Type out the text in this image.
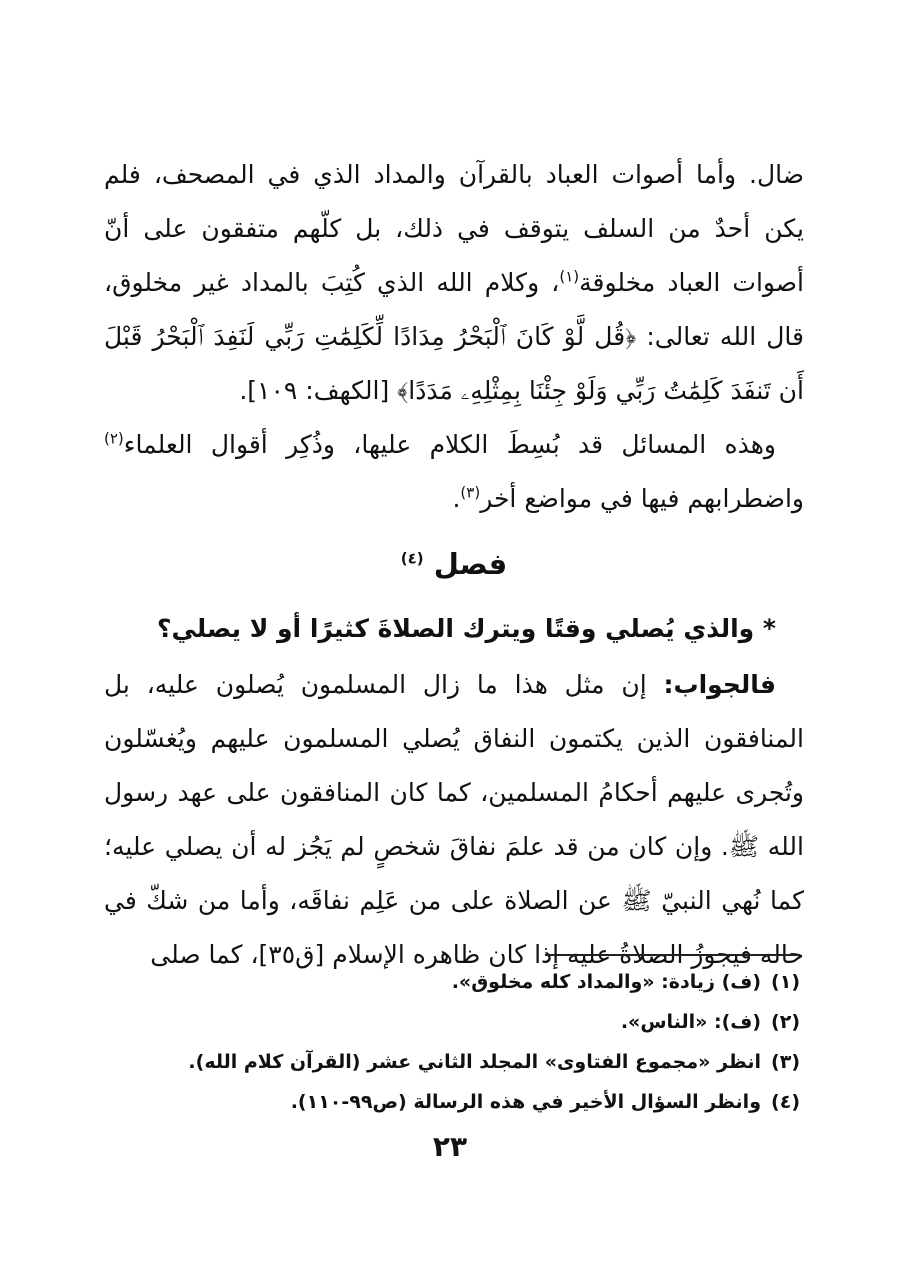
ضال. وأما أصوات العباد بالقرآن والمداد الذي في المصحف، فلم يكن أحدٌ من السلف يتوقف في ذلك، بل كلّهم متفقون على أنّ أصوات العباد مخلوقة$^{(١)}$، وكلام الله الذي كُتِبَ بالمداد غير مخلوق، قال الله تعالى: ﴿قُل لَّوْ كَانَ ٱلْبَحْرُ مِدَادًا لِّكَلِمَٰتِ رَبِّي لَنَفِدَ ٱلْبَحْرُ قَبْلَ أَن تَنفَدَ كَلِمَٰتُ رَبِّي وَلَوْ جِئْنَا بِمِثْلِهِۦ مَدَدًا﴾ [الكهف: ١٠٩].

وهذه المسائل قد بُسِطَ الكلام عليها، وذُكِر أقوال العلماء$^{(٢)}$ واضطرابهم فيها في مواضع أخر$^{(٣)}$.

فصل $^{(٤)}$

* والذي يُصلي وقتًا ويترك الصلاةَ كثيرًا أو لا يصلي؟

فالجواب: إن مثل هذا ما زال المسلمون يُصلون عليه، بل المنافقون الذين يكتمون النفاق يُصلي المسلمون عليهم ويُغسّلون وتُجرى عليهم أحكامُ المسلمين، كما كان المنافقون على عهد رسول الله ﷺ. وإن كان من قد علمَ نفاقَ شخصٍ لم يَجُز له أن يصلي عليه؛ كما نُهي النبيّ ﷺ عن الصلاة على من عَلِم نفاقَه، وأما من شكّ في حاله فيجوزُ الصلاةُ عليه إذا كان ظاهره الإسلام [ق٣٥]، كما صلى

(١)(ف) زيادة: «والمداد كله مخلوق».
(٢)(ف): «الناس».
(٣)انظر «مجموع الفتاوى» المجلد الثاني عشر (القرآن كلام الله).
(٤)وانظر السؤال الأخير في هذه الرسالة (ص٩٩-١١٠).
٢٣
